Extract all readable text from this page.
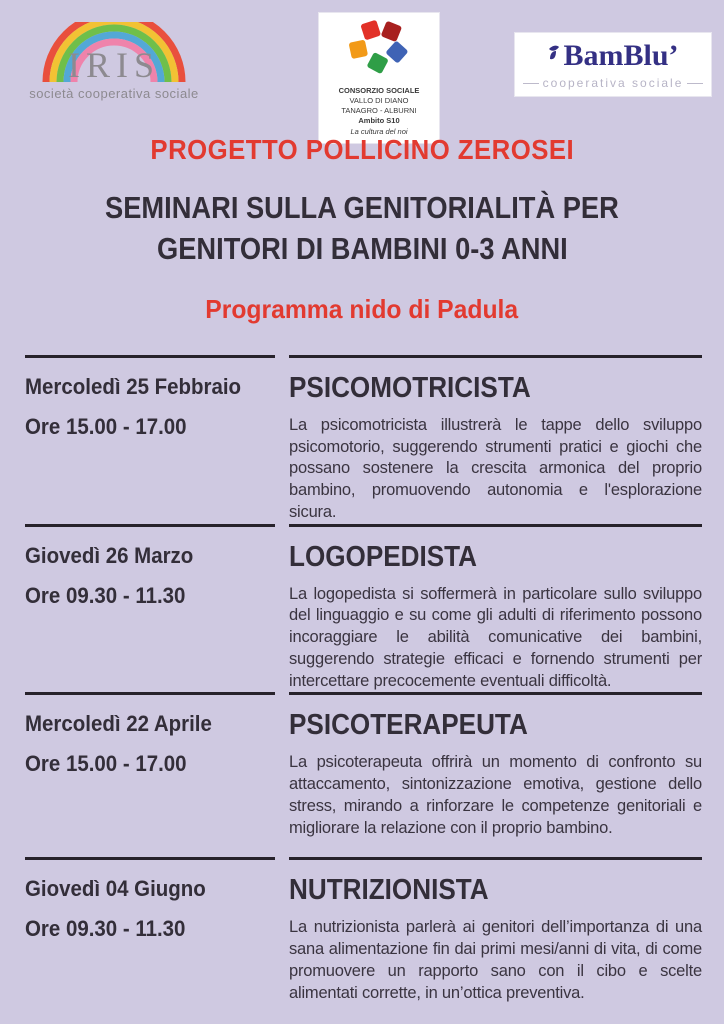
IRIS
società cooperativa sociale	CONSORZIO SOCIALE
VALLO DI DIANO
TANAGRO - ALBURNI
Ambito S10
La cultura del noi
BamBlu’
cooperativa sociale
PROGETTO POLLICINO ZEROSEI
SEMINARI SULLA GENITORIALITÀ PER
GENITORI DI BAMBINI 0-3 ANNI
Programma nido di Padula
Mercoledì 25 Febbraio
Ore 15.00 - 17.00
PSICOMOTRICISTA
La psicomotricista illustrerà le tappe dello sviluppo psicomotorio, suggerendo strumenti pratici e giochi che possano sostenere la crescita armonica del proprio bambino, promuovendo autonomia e l'esplorazione sicura.
Giovedì 26 Marzo
Ore 09.30 - 11.30
LOGOPEDISTA
La logopedista si soffermerà in particolare sullo sviluppo del linguaggio e su come gli adulti di riferimento possono incoraggiare le abilità comunicative dei bambini, suggerendo strategie efficaci e fornendo strumenti per intercettare precocemente eventuali difficoltà.
Mercoledì 22 Aprile
Ore 15.00 - 17.00
PSICOTERAPEUTA
La psicoterapeuta offrirà un momento di confronto su attaccamento, sintonizzazione emotiva, gestione dello stress, mirando a rinforzare le competenze genitoriali e migliorare la relazione con il proprio bambino.
Giovedì 04 Giugno
Ore 09.30 - 11.30
NUTRIZIONISTA
La nutrizionista parlerà ai genitori dell’importanza di una sana alimentazione fin dai primi mesi/anni di vita, di come promuovere un rapporto sano con il cibo e scelte alimentati corrette, in un’ottica preventiva.
